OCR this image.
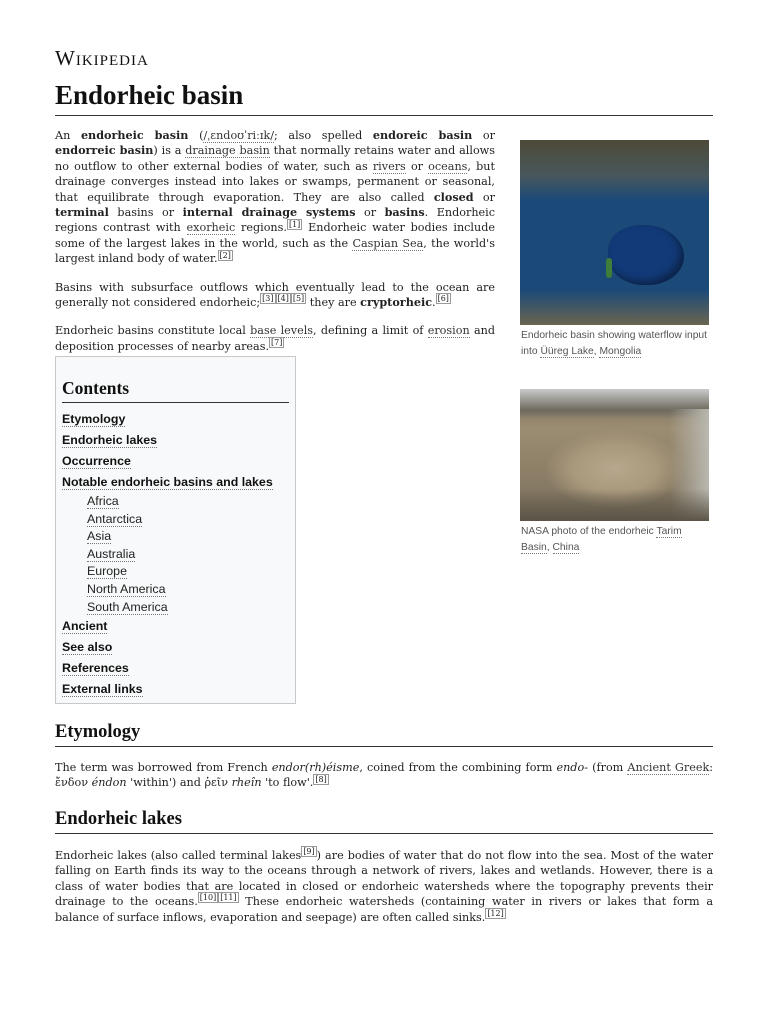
Wikipedia
Endorheic basin

An endorheic basin (/ˌɛndoʊˈriːɪk/; also spelled endoreic basin or endorreic basin) is a drainage basin that normally retains water and allows no outflow to other external bodies of water, such as rivers or oceans, but drainage converges instead into lakes or swamps, permanent or seasonal, that equilibrate through evaporation. They are also called closed or terminal basins or internal drainage systems or basins. Endorheic regions contrast with exorheic regions. [1] Endorheic water bodies include some of the largest lakes in the world, such as the Caspian Sea, the world's largest inland body of water. [2]

Basins with subsurface outflows which eventually lead to the ocean are generally not considered endorheic; [3] [4] [5] they are cryptorheic. [6]

Endorheic basins constitute local base levels, defining a limit of erosion and deposition processes of nearby areas. [7]

Endorheic basin showing waterflow input into Üüreg Lake, Mongolia
NASA photo of the endorheic Tarim Basin, China
Contents
Etymology
Endorheic lakes
Occurrence
Notable endorheic basins and lakes
Africa
Antarctica
Asia
Australia
Europe
North America
South America
Ancient
See also
References
External links
Etymology

The term was borrowed from French endor(rh)éisme, coined from the combining form endo- (from Ancient Greek: ἔνδον éndon 'within') and ῥεῖν rheîn 'to flow'. [8]

Endorheic lakes

Endorheic lakes (also called terminal lakes [9] ) are bodies of water that do not flow into the sea. Most of the water falling on Earth finds its way to the oceans through a network of rivers, lakes and wetlands. However, there is a class of water bodies that are located in closed or endorheic watersheds where the topography prevents their drainage to the oceans. [10] [11] These endorheic watersheds (containing water in rivers or lakes that form a balance of surface inflows, evaporation and seepage) are often called sinks. [12]
